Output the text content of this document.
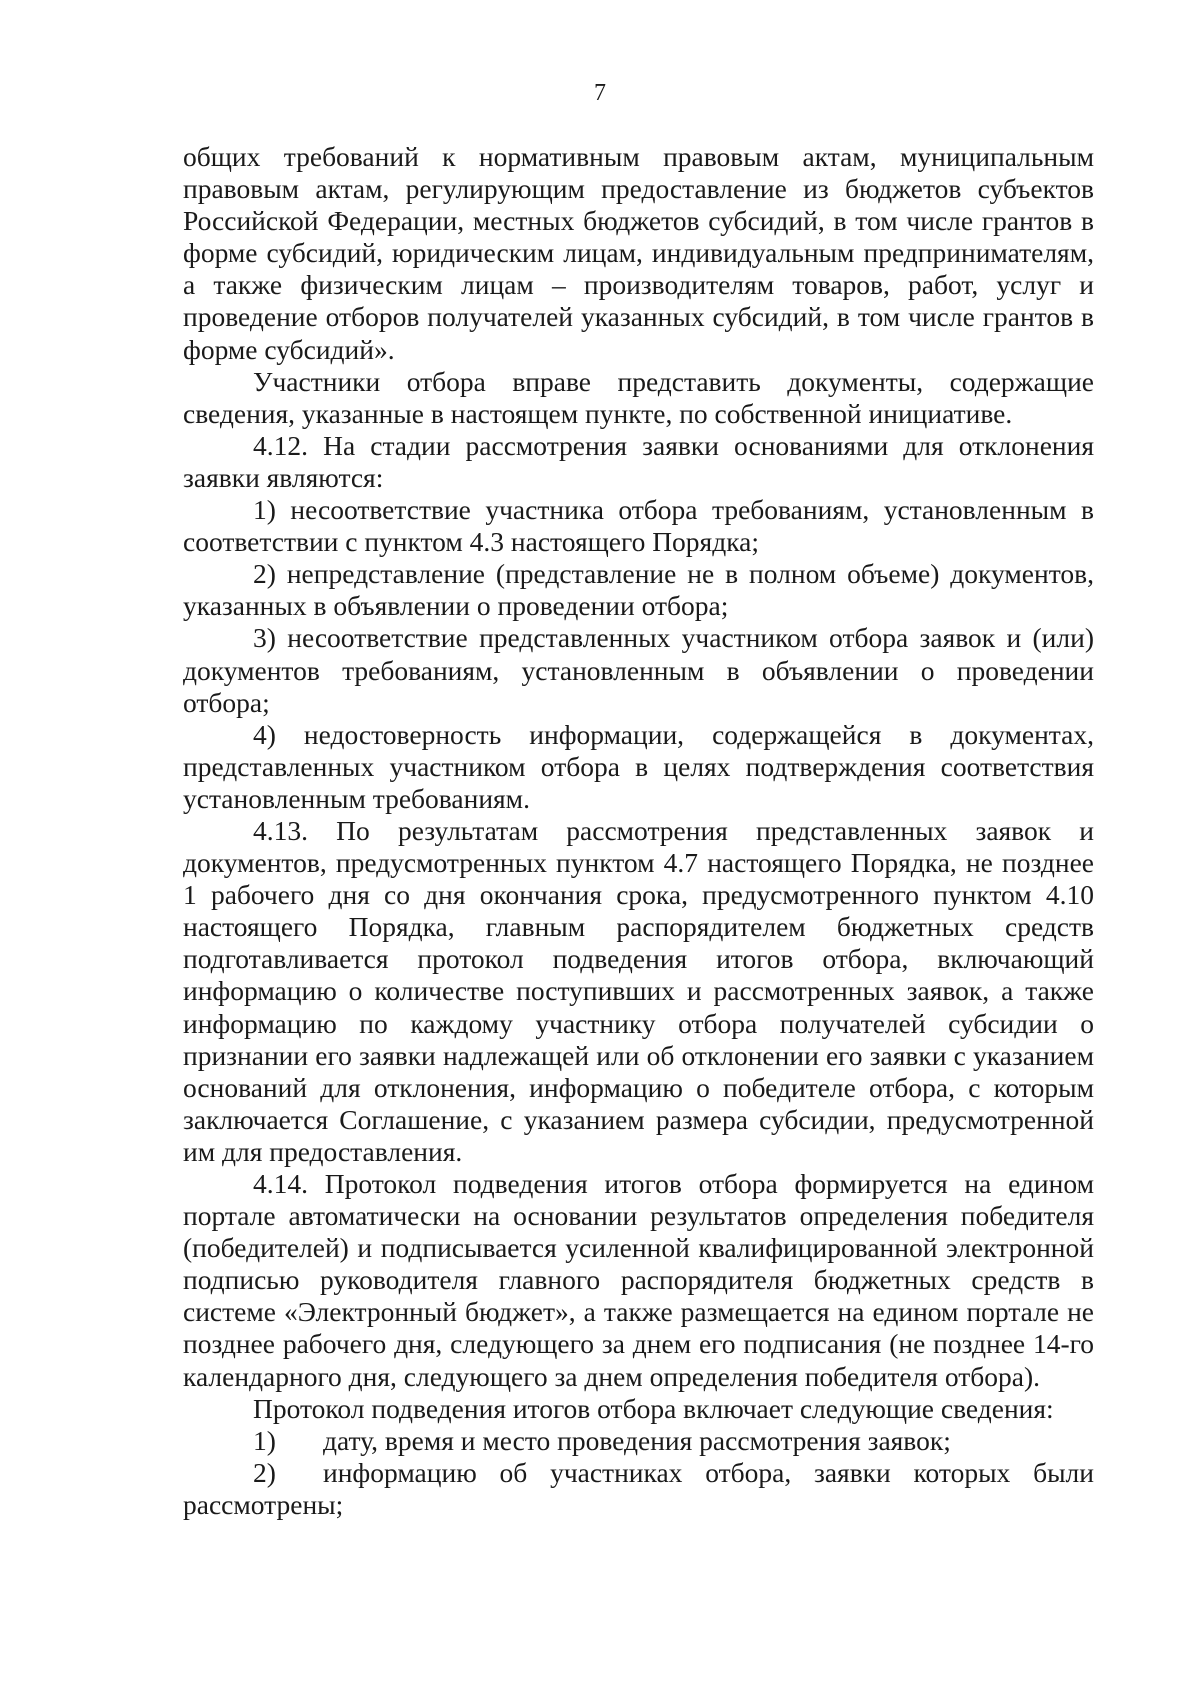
7

общих требований к нормативным правовым актам, муниципальным правовым актам, регулирующим предоставление из бюджетов субъектов Российской Федерации, местных бюджетов субсидий, в том числе грантов в форме субсидий, юридическим лицам, индивидуальным предпринимателям, а также физическим лицам – производителям товаров, работ, услуг и проведение отборов получателей указанных субсидий, в том числе грантов в форме субсидий».

Участники отбора вправе представить документы, содержащие сведения, указанные в настоящем пункте, по собственной инициативе.

4.12. На стадии рассмотрения заявки основаниями для отклонения заявки являются:

1) несоответствие участника отбора требованиям, установленным в соответствии с пунктом 4.3 настоящего Порядка;

2) непредставление (представление не в полном объеме) документов, указанных в объявлении о проведении отбора;

3) несоответствие представленных участником отбора заявок и (или) документов требованиям, установленным в объявлении о проведении отбора;

4) недостоверность информации, содержащейся в документах, представленных участником отбора в целях подтверждения соответствия установленным требованиям.

4.13. По результатам рассмотрения представленных заявок и документов, предусмотренных пунктом 4.7 настоящего Порядка, не позднее 1 рабочего дня со дня окончания срока, предусмотренного пунктом 4.10 настоящего Порядка, главным распорядителем бюджетных средств подготавливается протокол подведения итогов отбора, включающий информацию о количестве поступивших и рассмотренных заявок, а также информацию по каждому участнику отбора получателей субсидии о признании его заявки надлежащей или об отклонении его заявки с указанием оснований для отклонения, информацию о победителе отбора, с которым заключается Соглашение, с указанием размера субсидии, предусмотренной им для предоставления.

4.14. Протокол подведения итогов отбора формируется на едином портале автоматически на основании результатов определения победителя (победителей) и подписывается усиленной квалифицированной электронной подписью руководителя главного распорядителя бюджетных средств в системе «Электронный бюджет», а также размещается на едином портале не позднее рабочего дня, следующего за днем его подписания (не позднее 14-го календарного дня, следующего за днем определения победителя отбора).

Протокол подведения итогов отбора включает следующие сведения:

1) дату, время и место проведения рассмотрения заявок;

2) информацию об участниках отбора, заявки которых были рассмотрены;
